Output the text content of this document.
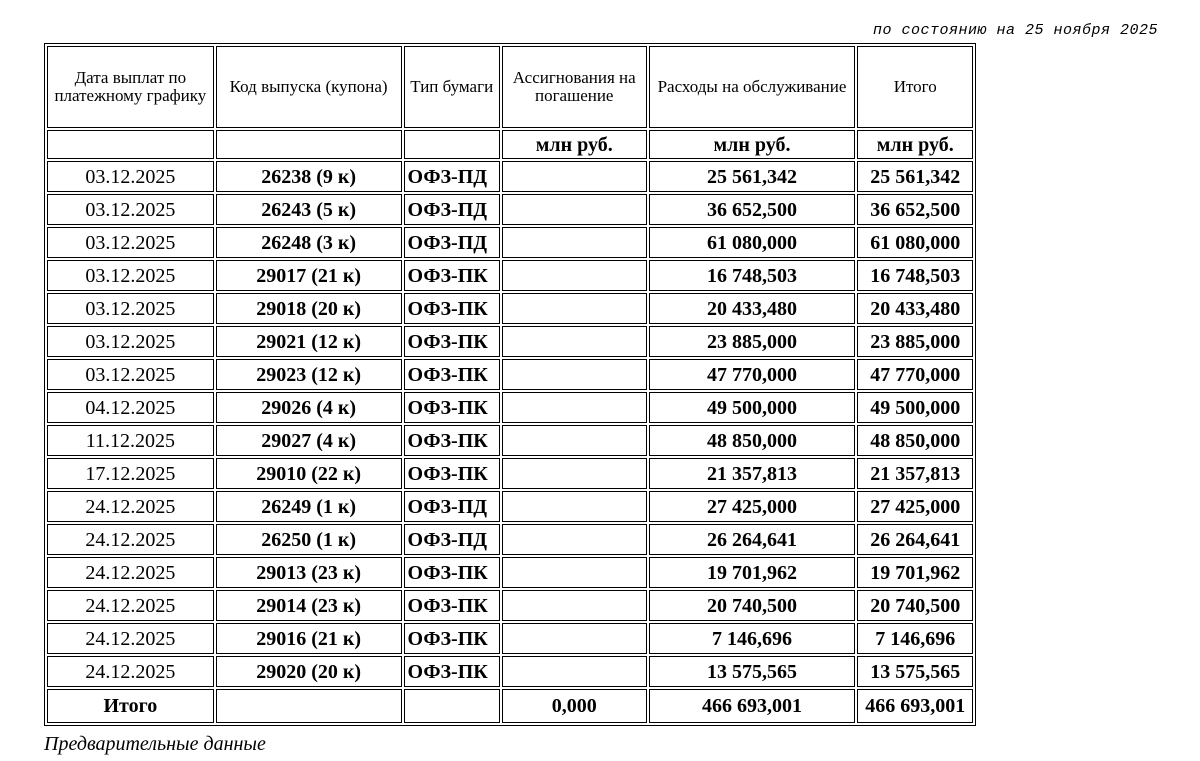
по состоянию на 25 ноября 2025
Дата выплат по платежному графику	Код выпуска (купона)	Тип бумаги	Ассигнования на погашение	Расходы на обслуживание	Итого
			млн руб.	млн руб.	млн руб.
03.12.2025	26238 (9 к)	ОФЗ-ПД		25 561,342	25 561,342
03.12.2025	26243 (5 к)	ОФЗ-ПД		36 652,500	36 652,500
03.12.2025	26248 (3 к)	ОФЗ-ПД		61 080,000	61 080,000
03.12.2025	29017 (21 к)	ОФЗ-ПК		16 748,503	16 748,503
03.12.2025	29018 (20 к)	ОФЗ-ПК		20 433,480	20 433,480
03.12.2025	29021 (12 к)	ОФЗ-ПК		23 885,000	23 885,000
03.12.2025	29023 (12 к)	ОФЗ-ПК		47 770,000	47 770,000
04.12.2025	29026 (4 к)	ОФЗ-ПК		49 500,000	49 500,000
11.12.2025	29027 (4 к)	ОФЗ-ПК		48 850,000	48 850,000
17.12.2025	29010 (22 к)	ОФЗ-ПК		21 357,813	21 357,813
24.12.2025	26249 (1 к)	ОФЗ-ПД		27 425,000	27 425,000
24.12.2025	26250 (1 к)	ОФЗ-ПД		26 264,641	26 264,641
24.12.2025	29013 (23 к)	ОФЗ-ПК		19 701,962	19 701,962
24.12.2025	29014 (23 к)	ОФЗ-ПК		20 740,500	20 740,500
24.12.2025	29016 (21 к)	ОФЗ-ПК		7 146,696	7 146,696
24.12.2025	29020 (20 к)	ОФЗ-ПК		13 575,565	13 575,565
Итого			0,000	466 693,001	466 693,001
Предварительные данные
